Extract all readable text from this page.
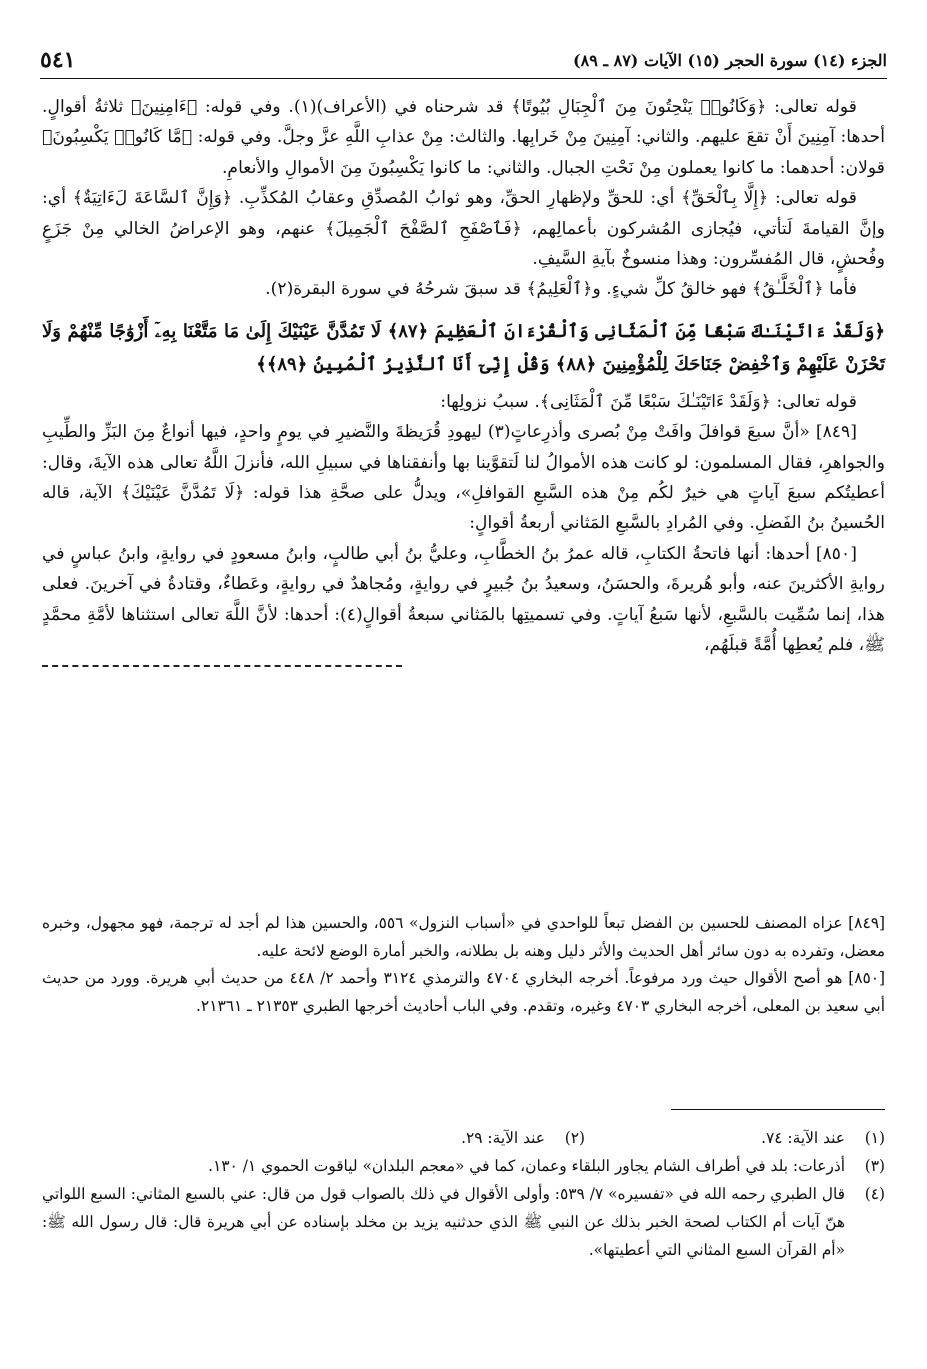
الجزء (١٤) سورة الحجر (١٥) الآيات (٨٧ ـ ٨٩)
٥٤١

قوله تعالى: ﴿وَكَانُوا۟ يَنْحِتُونَ مِنَ ٱلْجِبَالِ بُيُوتًا﴾ قد شرحناه في (الأعراف)(١). وفي قوله: ﴿ءَامِنِينَ﴾ ثلاثةُ أقوالٍ. أحدها: آمِنِينَ أَنْ تقعَ عليهم. والثاني: آمِنِينَ مِنْ خَرابِها. والثالث: مِنْ عذابِ اللَّهِ عزَّ وجلَّ. وفي قوله: ﴿مَّا كَانُوا۟ يَكْسِبُونَ﴾ قولان: أحدهما: ما كانوا يعملون مِنْ نَحْتِ الجبال. والثاني: ما كانوا يَكْسِبُونَ مِنَ الأموالِ والأنعامِ.

قوله تعالى: ﴿إِلَّا بِٱلْحَقِّ﴾ أي: للحقِّ ولإظهارِ الحقِّ، وهو ثوابُ المُصدِّقِ وعقابُ المُكذِّبِ. ﴿وَإِنَّ ٱلسَّاعَةَ لَءَاتِيَةٌ﴾ أي: وإنَّ القيامةَ لَتأتي، فيُجازى المُشركون بأعمالِهم، ﴿فَٱصْفَحِ ٱلصَّفْحَ ٱلْجَمِيلَ﴾ عنهم، وهو الإعراضُ الخالي مِنْ جَزَعٍ وفُحشٍ، قال المُفسِّرون: وهذا منسوخٌ بآيةِ السَّيفِ.

فأما ﴿ٱلْخَلَّـٰقُ﴾ فهو خالقُ كلِّ شيءٍ. و﴿ٱلْعَلِيمُ﴾ قد سبقَ شرحُهُ في سورة البقرة(٢).

﴿وَلَقَدْ ءَاتَيْنَـٰكَ سَبْعًا مِّنَ ٱلْمَثَانِى وَٱلْقُرْءَانَ ٱلْعَظِيمَ ﴿٨٧﴾ لَا تَمُدَّنَّ عَيْنَيْكَ إِلَىٰ مَا مَتَّعْنَا بِهِۦٓ أَزْوَٰجًا مِّنْهُمْ وَلَا تَحْزَنْ عَلَيْهِمْ وَٱخْفِضْ جَنَاحَكَ لِلْمُؤْمِنِينَ ﴿٨٨﴾ وَقُلْ إِنِّىٓ أَنَا ٱلنَّذِيرُ ٱلْمُبِينُ ﴿٨٩﴾﴾

قوله تعالى: ﴿وَلَقَدْ ءَاتَيْنَـٰكَ سَبْعًا مِّنَ ٱلْمَثَانِى﴾. سببُ نزولِها:

[٨٤٩] «أنَّ سبعَ قوافلَ وافَتْ مِنْ بُصرى وأذرِعاتٍ(٣) ليهودِ قُرَيظةَ والنَّضيرِ في يومٍ واحدٍ، فيها أنواعٌ مِنَ البَزِّ والطِّيبِ والجواهرِ، فقال المسلمون: لو كانت هذه الأموالُ لنا لَتقوَّينا بها وأنفقناها في سبيلِ الله، فأنزلَ اللَّهُ تعالى هذه الآيةَ، وقال: أعطيتُكم سبعَ آياتٍ هي خيرٌ لكُم مِنْ هذه السَّبعِ القوافلِ»، ويدلُّ على صحَّةِ هذا قوله: ﴿لَا تَمُدَّنَّ عَيْنَيْكَ﴾ الآية، قاله الحُسينُ بنُ الفَضلِ. وفي المُرادِ بالسَّبعِ المَثاني أربعةُ أقوالٍ:

[٨٥٠] أحدها: أنها فاتحةُ الكتابِ، قاله عمرُ بنُ الخطَّابِ، وعليُّ بنُ أبي طالبٍ، وابنُ مسعودٍ في روايةٍ، وابنُ عباسٍ في روايةِ الأكثرينَ عنه، وأبو هُريرةَ، والحسَنُ، وسعيدُ بنُ جُبيرٍ في روايةٍ، ومُجاهدٌ في روايةٍ، وعَطاءٌ، وقتادةُ في آخرينَ. فعلى هذا، إنما سُمِّيت بالسَّبعِ، لأنها سَبعُ آياتٍ. وفي تسميتِها بالمَثاني سبعةُ أقوالٍ(٤): أحدها: لأنَّ اللَّهَ تعالى استثناها لأمَّةِ محمَّدٍ ﷺ، فلم يُعطِها أُمَّةً قبلَهُم،

[٨٤٩] عزاه المصنف للحسين بن الفضل تبعاً للواحدي في «أسباب النزول» ٥٥٦، والحسين هذا لم أجد له ترجمة، فهو مجهول، وخبره معضل، وتفرده به دون سائر أهل الحديث والأثر دليل وهنه بل بطلانه، والخبر أمارة الوضع لائحة عليه.

[٨٥٠] هو أصح الأقوال حيث ورد مرفوعاً. أخرجه البخاري ٤٧٠٤ والترمذي ٣١٢٤ وأحمد ٢/ ٤٤٨ من حديث أبي هريرة. وورد من حديث أبي سعيد بن المعلى، أخرجه البخاري ٤٧٠٣ وغيره، وتقدم. وفي الباب أحاديث أخرجها الطبري ٢١٣٥٣ ـ ٢١٣٦١.

(١)
عند الآية: ٧٤.
(٢)
عند الآية: ٢٩.
(٣)
أذرعات: بلد في أطراف الشام يجاور البلقاء وعمان، كما في «معجم البلدان» لياقوت الحموي ١/ ١٣٠.
(٤)
قال الطبري رحمه الله في «تفسيره» ٧/ ٥٣٩: وأولى الأقوال في ذلك بالصواب قول من قال: عني بالسبع المثاني: السبع اللواتي هنّ آيات أم الكتاب لصحة الخبر بذلك عن النبي ﷺ الذي حدثنيه يزيد بن مخلد بإسناده عن أبي هريرة قال: قال رسول الله ﷺ: «أم القرآن السبع المثاني التي أعطيتها».
